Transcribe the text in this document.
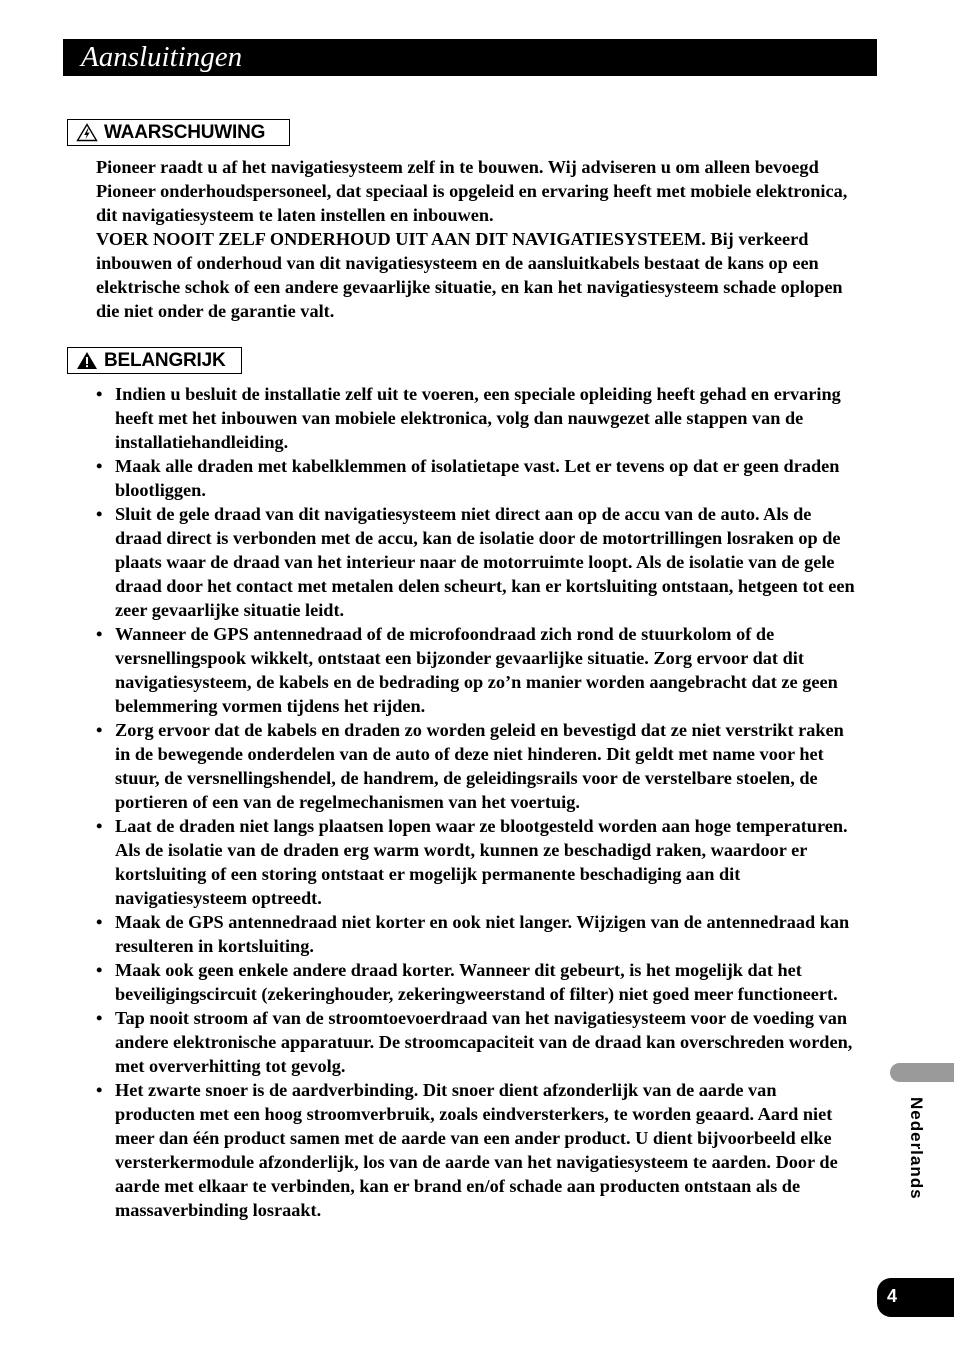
Aansluitingen
WAARSCHUWING

Pioneer raadt u af het navigatiesysteem zelf in te bouwen. Wij adviseren u om alleen bevoegd Pioneer onderhoudspersoneel, dat speciaal is opgeleid en ervaring heeft met mobiele elektronica, dit navigatiesysteem te laten instellen en inbouwen.

VOER NOOIT ZELF ONDERHOUD UIT AAN DIT NAVIGATIESYSTEEM. Bij verkeerd inbouwen of onderhoud van dit navigatiesysteem en de aansluitkabels bestaat de kans op een elektrische schok of een andere gevaarlijke situatie, en kan het navigatiesysteem schade oplopen die niet onder de garantie valt.

BELANGRIJK
• Indien u besluit de installatie zelf uit te voeren, een speciale opleiding heeft gehad en ervaring heeft met het inbouwen van mobiele elektronica, volg dan nauwgezet alle stappen van de installatiehandleiding.
• Maak alle draden met kabelklemmen of isolatietape vast. Let er tevens op dat er geen draden blootliggen.
• Sluit de gele draad van dit navigatiesysteem niet direct aan op de accu van de auto. Als de draad direct is verbonden met de accu, kan de isolatie door de motortrillingen losraken op de plaats waar de draad van het interieur naar de motorruimte loopt. Als de isolatie van de gele draad door het contact met metalen delen scheurt, kan er kortsluiting ontstaan, hetgeen tot een zeer gevaarlijke situatie leidt.
• Wanneer de GPS antennedraad of de microfoondraad zich rond de stuurkolom of de versnellingspook wikkelt, ontstaat een bijzonder gevaarlijke situatie. Zorg ervoor dat dit navigatiesysteem, de kabels en de bedrading op zo’n manier worden aangebracht dat ze geen belemmering vormen tijdens het rijden.
• Zorg ervoor dat de kabels en draden zo worden geleid en bevestigd dat ze niet verstrikt raken in de bewegende onderdelen van de auto of deze niet hinderen. Dit geldt met name voor het stuur, de versnellingshendel, de handrem, de geleidingsrails voor de verstelbare stoelen, de portieren of een van de regelmechanismen van het voertuig.
• Laat de draden niet langs plaatsen lopen waar ze blootgesteld worden aan hoge temperaturen. Als de isolatie van de draden erg warm wordt, kunnen ze beschadigd raken, waardoor er kortsluiting of een storing ontstaat er mogelijk permanente beschadiging aan dit navigatiesysteem optreedt.
• Maak de GPS antennedraad niet korter en ook niet langer. Wijzigen van de antennedraad kan resulteren in kortsluiting.
• Maak ook geen enkele andere draad korter. Wanneer dit gebeurt, is het mogelijk dat het beveiligingscircuit (zekeringhouder, zekeringweerstand of filter) niet goed meer functioneert.
• Tap nooit stroom af van de stroomtoevoerdraad van het navigatiesysteem voor de voeding van andere elektronische apparatuur. De stroomcapaciteit van de draad kan overschreden worden, met oververhitting tot gevolg.
• Het zwarte snoer is de aardverbinding. Dit snoer dient afzonderlijk van de aarde van producten met een hoog stroomverbruik, zoals eindversterkers, te worden geaard. Aard niet meer dan één product samen met de aarde van een ander product. U dient bijvoorbeeld elke versterkermodule afzonderlijk, los van de aarde van het navigatiesysteem te aarden. Door de aarde met elkaar te verbinden, kan er brand en/of schade aan producten ontstaan als de massaverbinding losraakt.
Nederlands
4
